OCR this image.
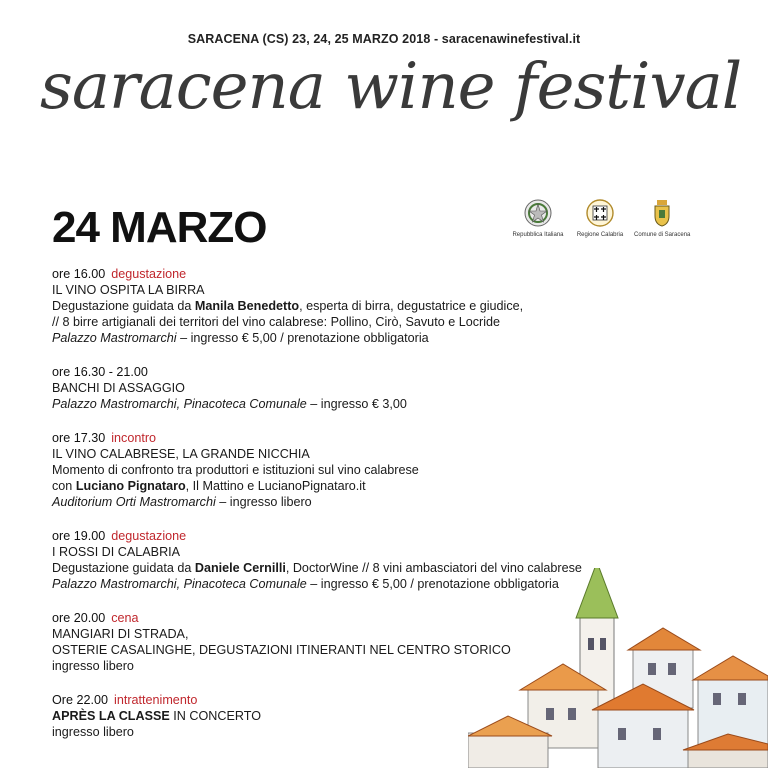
SARACENA (CS) 23, 24, 25 MARZO 2018 - saracenawinefestival.it
saracena wine festival
24 MARZO	Repubblica Italiana	Regione Calabria	Comune di Saracena
ore 16.00 degustazione
IL VINO OSPITA LA BIRRA
Degustazione guidata da Manila Benedetto, esperta di birra, degustatrice e giudice,
// 8 birre artigianali dei territori del vino calabrese: Pollino, Cirò, Savuto e Locride
Palazzo Mastromarchi – ingresso € 5,00 / prenotazione obbligatoria
ore 16.30 - 21.00
BANCHI DI ASSAGGIO
Palazzo Mastromarchi, Pinacoteca Comunale – ingresso € 3,00
ore 17.30 incontro
IL VINO CALABRESE, LA GRANDE NICCHIA
Momento di confronto tra produttori e istituzioni sul vino calabrese
con Luciano Pignataro, Il Mattino e LucianoPignataro.it
Auditorium Orti Mastromarchi – ingresso libero
ore 19.00 degustazione
I ROSSI DI CALABRIA
Degustazione guidata da Daniele Cernilli, DoctorWine // 8 vini ambasciatori del vino calabrese
Palazzo Mastromarchi, Pinacoteca Comunale – ingresso € 5,00 / prenotazione obbligatoria
ore 20.00 cena
MANGIARI DI STRADA,
OSTERIE CASALINGHE, DEGUSTAZIONI ITINERANTI NEL CENTRO STORICO
ingresso libero
Ore 22.00 intrattenimento
APRÈS LA CLASSE IN CONCERTO
ingresso libero
